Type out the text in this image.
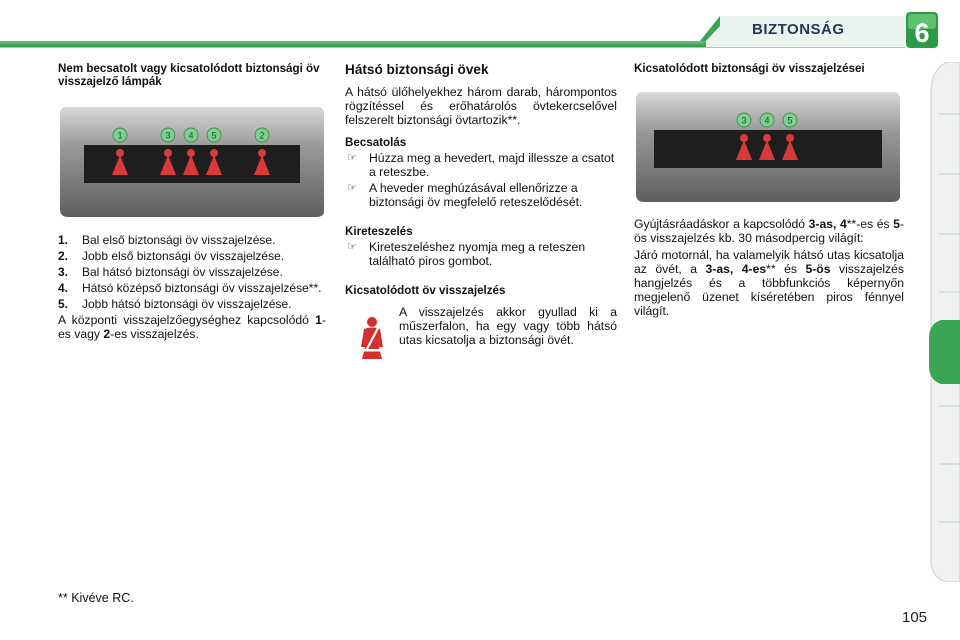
BIZTONSÁG	6
Nem becsatolt vagy kicsatolódott biztonsági öv visszajelző lámpák
1	3 4 5	2
1.	Bal első biztonsági öv visszajelzése.
2.	Jobb első biztonsági öv visszajelzése.
3.	Bal hátsó biztonsági öv visszajelzése.
4.	Hátsó középső biztonsági öv visszajelzése**.
5.	Jobb hátsó biztonsági öv visszajelzése.

A központi visszajelzőegységhez kapcsolódó 1-es vagy 2-es visszajelzés.

Hátsó biztonsági övek

A hátsó ülőhelyekhez három darab, hárompontos rögzítéssel és erőhatárolós övtekercselővel felszerelt biztonsági övtartozik**.

Becsatolás
☞ Húzza meg a hevedert, majd illessze a csatot a reteszbe.
☞ A heveder meghúzásával ellenőrizze a biztonsági öv megfelelő reteszelődését.
Kireteszelés
☞ Kireteszeléshez nyomja meg a reteszen található piros gombot.
Kicsatolódott öv visszajelzés

A visszajelzés akkor gyullad ki a műszerfalon, ha egy vagy több hátsó utas kicsatolja a biztonsági övét.

Kicsatolódott biztonsági öv visszajelzései
3 4 5

Gyújtásráadáskor a kapcsolódó 3-as, 4**-es és 5-ös visszajelzés kb. 30 másodpercig világít:

Járó motornál, ha valamelyik hátsó utas kicsatolja az övét, a 3-as, 4-es** és 5-ös visszajelzés hangjelzés és a többfunkciós képernyőn megjelenő üzenet kíséretében piros fénnyel világít.

** Kivéve RC.
105
